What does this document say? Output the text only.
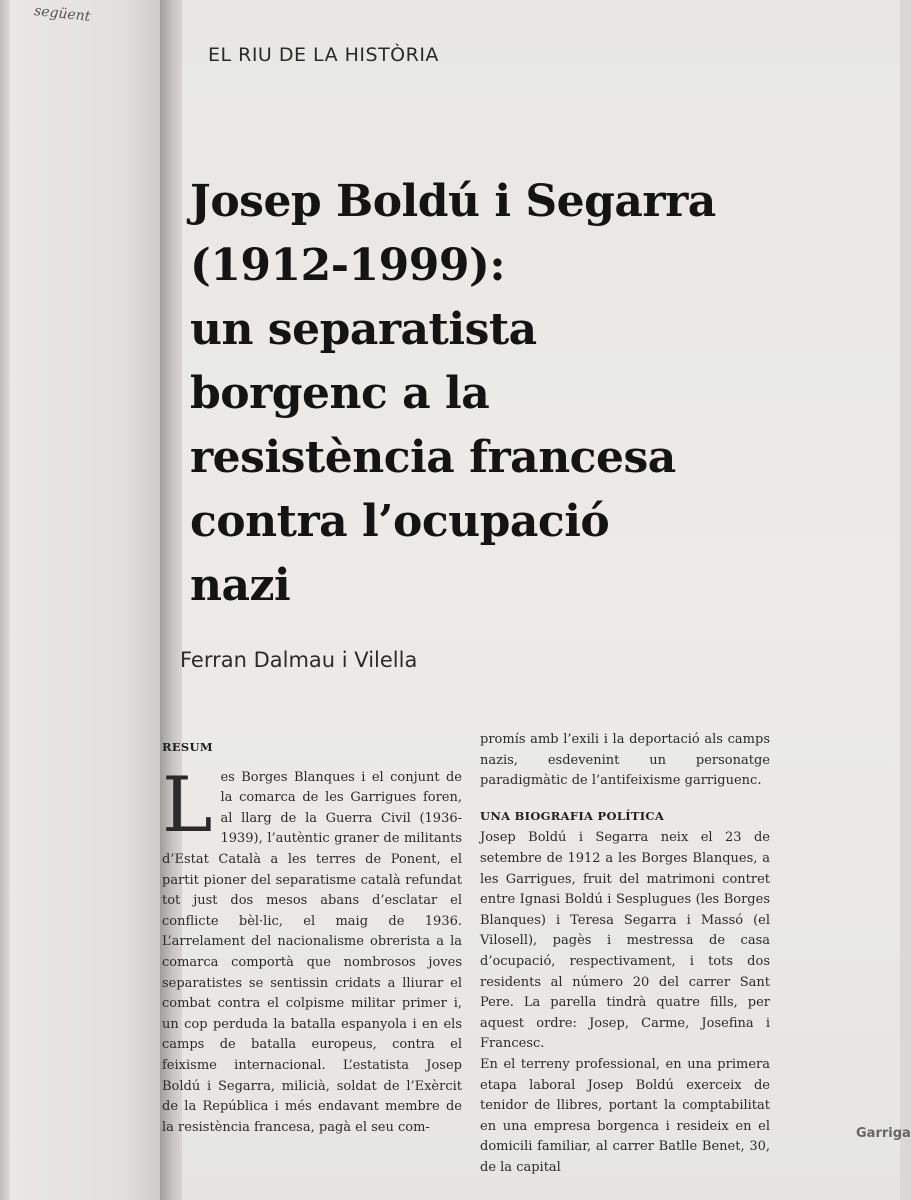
següent
EL RIU DE LA HISTÒRIA
Josep Boldú i Segarra
(1912-1999):
un separatista
borgenc a la
resistència francesa
contra l’ocupació
nazi
Ferran Dalmau i Vilella
RESUM

Les Borges Blanques i el conjunt de la comarca de les Garrigues foren, al llarg de la Guerra Civil (1936-1939), l’autèntic graner de militants d’Estat Català a les terres de Ponent, el partit pioner del separatisme català refundat tot just dos mesos abans d’esclatar el conflicte bèl·lic, el maig de 1936. L’arrelament del nacionalisme obrerista a la comarca comportà que nombrosos joves separatistes se sentissin cridats a lliurar el combat contra el colpisme militar primer i, un cop perduda la batalla espanyola i en els camps de batalla europeus, contra el feixisme internacional. L’estatista Josep Boldú i Segarra, milicià, soldat de l’Exèrcit de la República i més endavant membre de la resistència francesa, pagà el seu com-

promís amb l’exili i la deportació als camps nazis, esdevenint un personatge paradigmàtic de l’antifeixisme garriguenc.

UNA BIOGRAFIA POLÍTICA

Josep Boldú i Segarra neix el 23 de setembre de 1912 a les Borges Blanques, a les Garrigues, fruit del matrimoni contret entre Ignasi Boldú i Sesplugues (les Borges Blanques) i Teresa Segarra i Massó (el Vilosell), pagès i mestressa de casa d’ocupació, respectivament, i tots dos residents al número 20 del carrer Sant Pere. La parella tindrà quatre fills, per aquest ordre: Josep, Carme, Josefina i Francesc.

En el terreny professional, en una primera etapa laboral Josep Boldú exerceix de tenidor de llibres, portant la comptabilitat en una empresa borgenca i resideix en el domicili familiar, al carrer Batlle Benet, 30, de la capital

Garriga
